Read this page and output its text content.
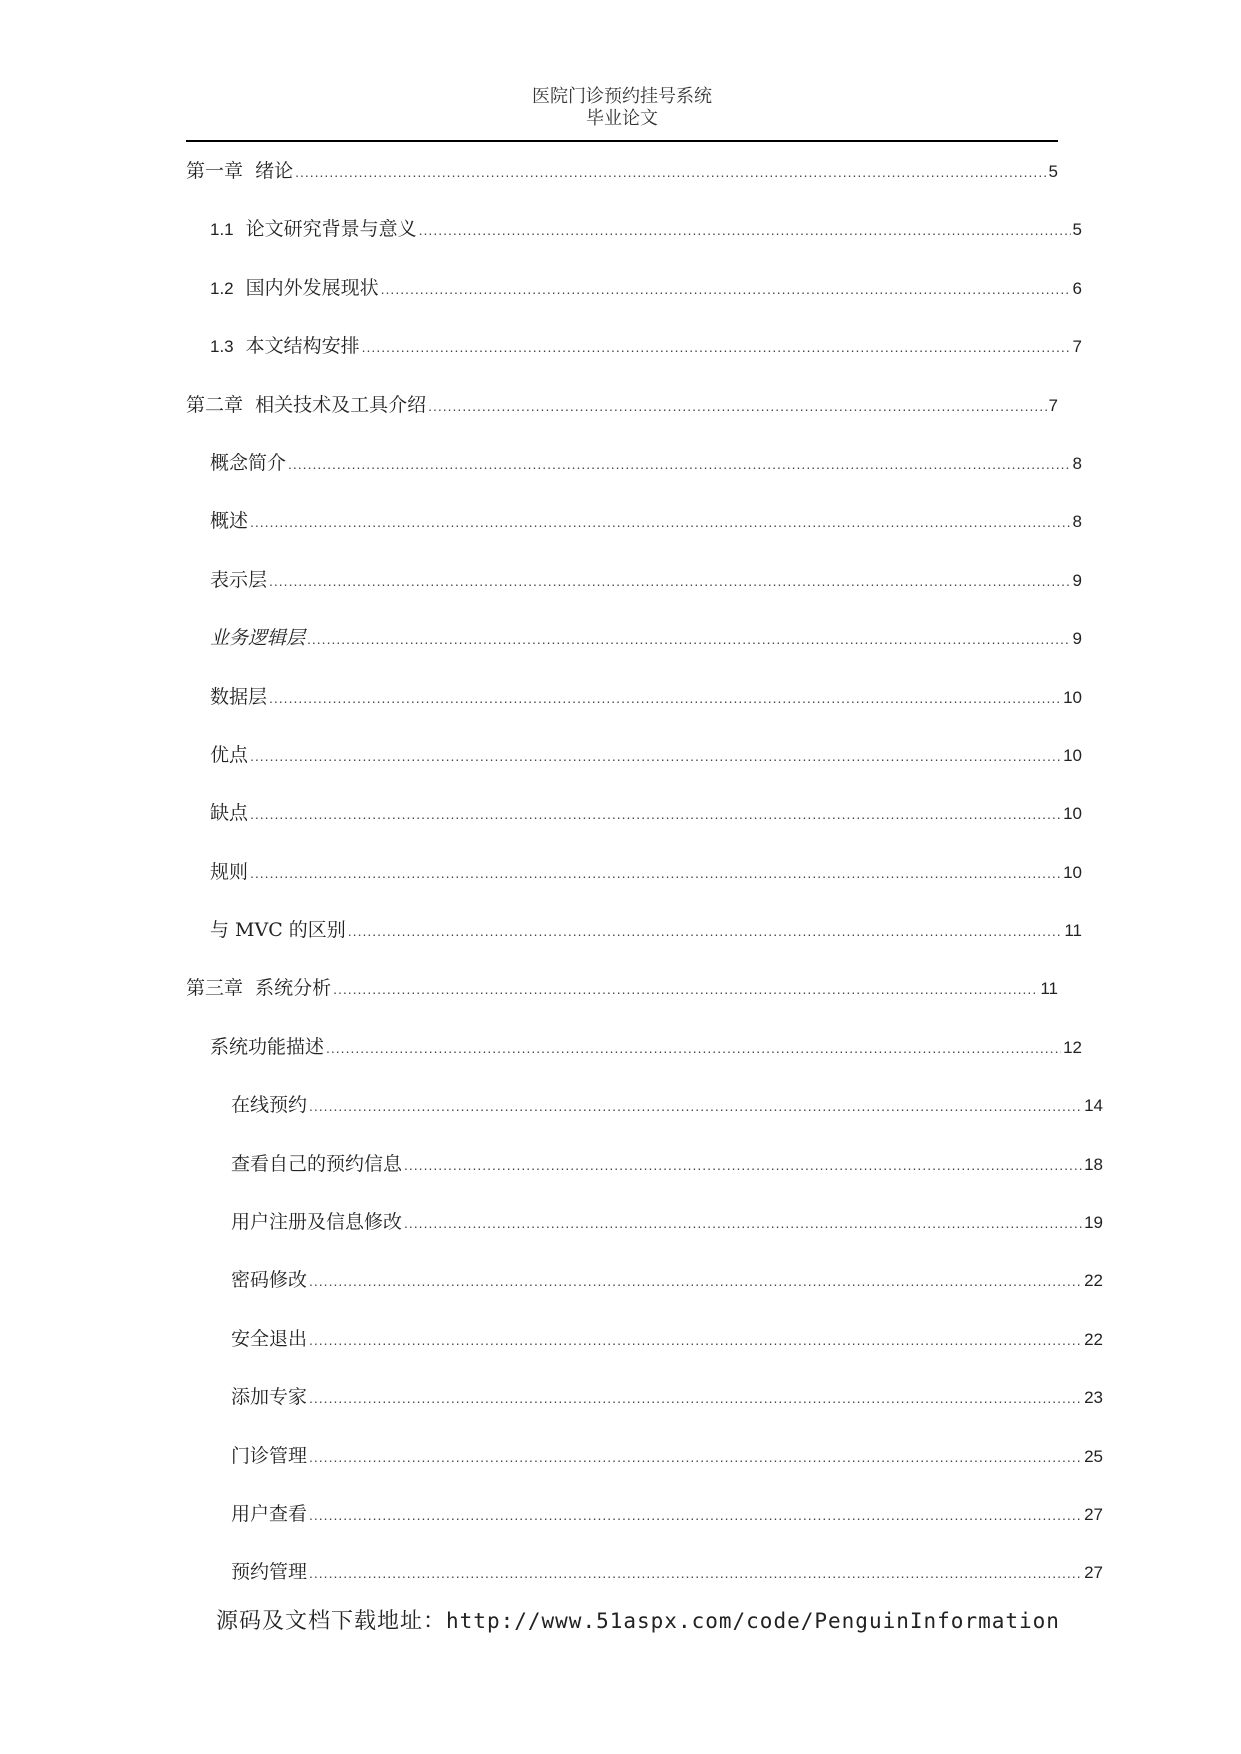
医院门诊预约挂号系统
毕业论文
第一章  绪论 .....	5
1.1 论文研究背景与意义 .....	5
1.2 国内外发展现状 .....	6
1.3 本文结构安排 .....	7
第二章  相关技术及工具介绍 .....	7
概念简介 .....	8
概述 .....	8
表示层 .....	9
业务逻辑层 .....	9
数据层 .....	10
优点 .....	10
缺点 .....	10
规则 .....	10
与 MVC 的区别 .....	11
第三章  系统分析 .....	11
系统功能描述 .....	12
在线预约 .....	14
查看自己的预约信息 .....	18
用户注册及信息修改 .....	19
密码修改 .....	22
安全退出 .....	22
添加专家 .....	23
门诊管理 .....	25
用户查看 .....	27
预约管理 .....	27
源码及文档下载地址：http://www.51aspx.com/code/PenguinInformation
